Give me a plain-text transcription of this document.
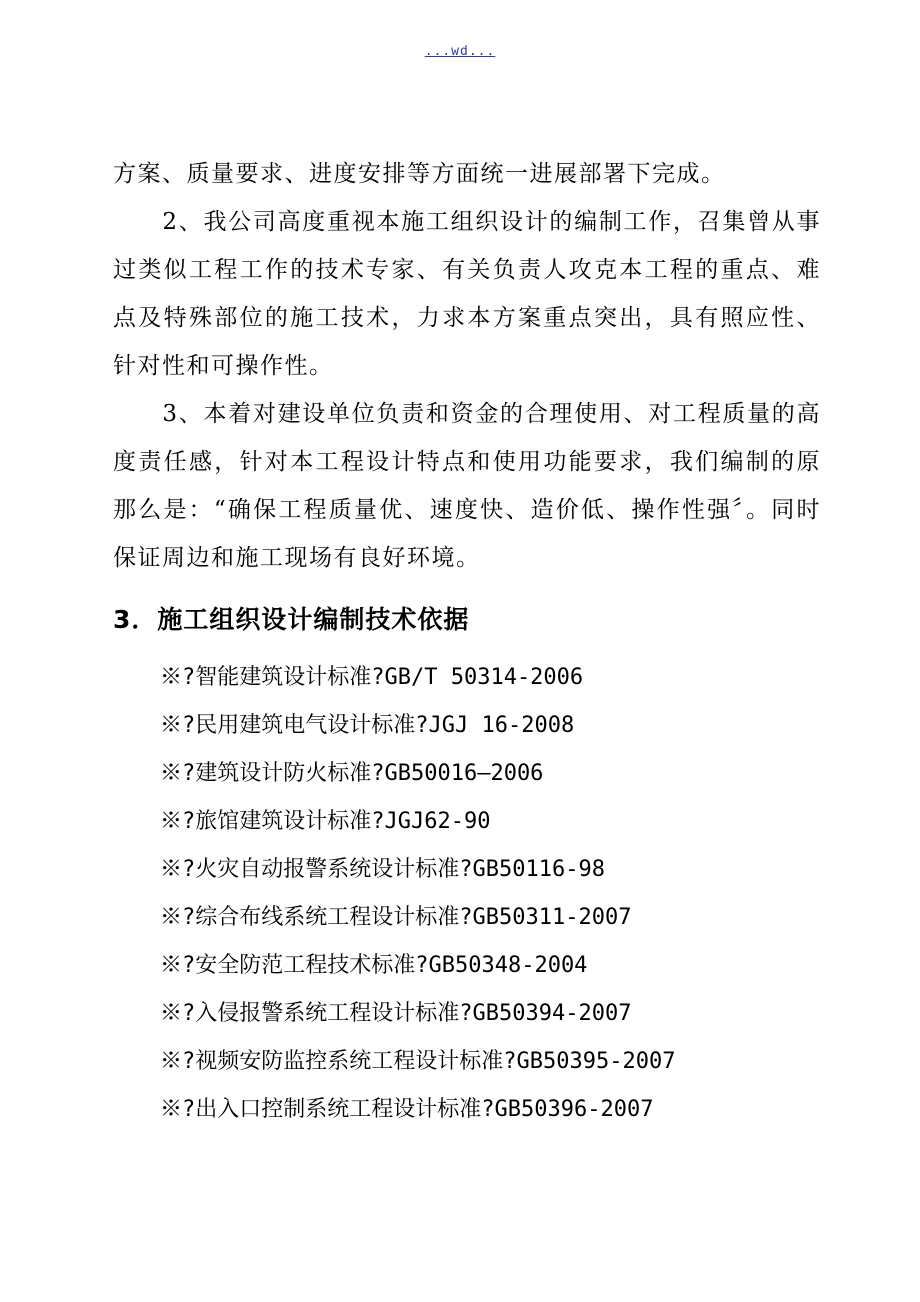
...wd...

方案、质量要求、进度安排等方面统一进展部署下完成。

　　2、我公司高度重视本施工组织设计的编制工作，召集曾从事过类似工程工作的技术专家、有关负责人攻克本工程的重点、难点及特殊部位的施工技术，力求本方案重点突出，具有照应性、针对性和可操作性。

　　3、本着对建设单位负责和资金的合理使用、对工程质量的高度责任感，针对本工程设计特点和使用功能要求，我们编制的原那么是：“确保工程质量优、速度快、造价低、操作性强〞。同时保证周边和施工现场有良好环境。

3．施工组织设计编制技术依据
※?智能建筑设计标准?GB/T 50314-2006
※?民用建筑电气设计标准?JGJ 16-2008
※?建筑设计防火标准?GB50016—2006
※?旅馆建筑设计标准?JGJ62-90
※?火灾自动报警系统设计标准?GB50116-98
※?综合布线系统工程设计标准?GB50311-2007
※?安全防范工程技术标准?GB50348-2004
※?入侵报警系统工程设计标准?GB50394-2007
※?视频安防监控系统工程设计标准?GB50395-2007
※?出入口控制系统工程设计标准?GB50396-2007
